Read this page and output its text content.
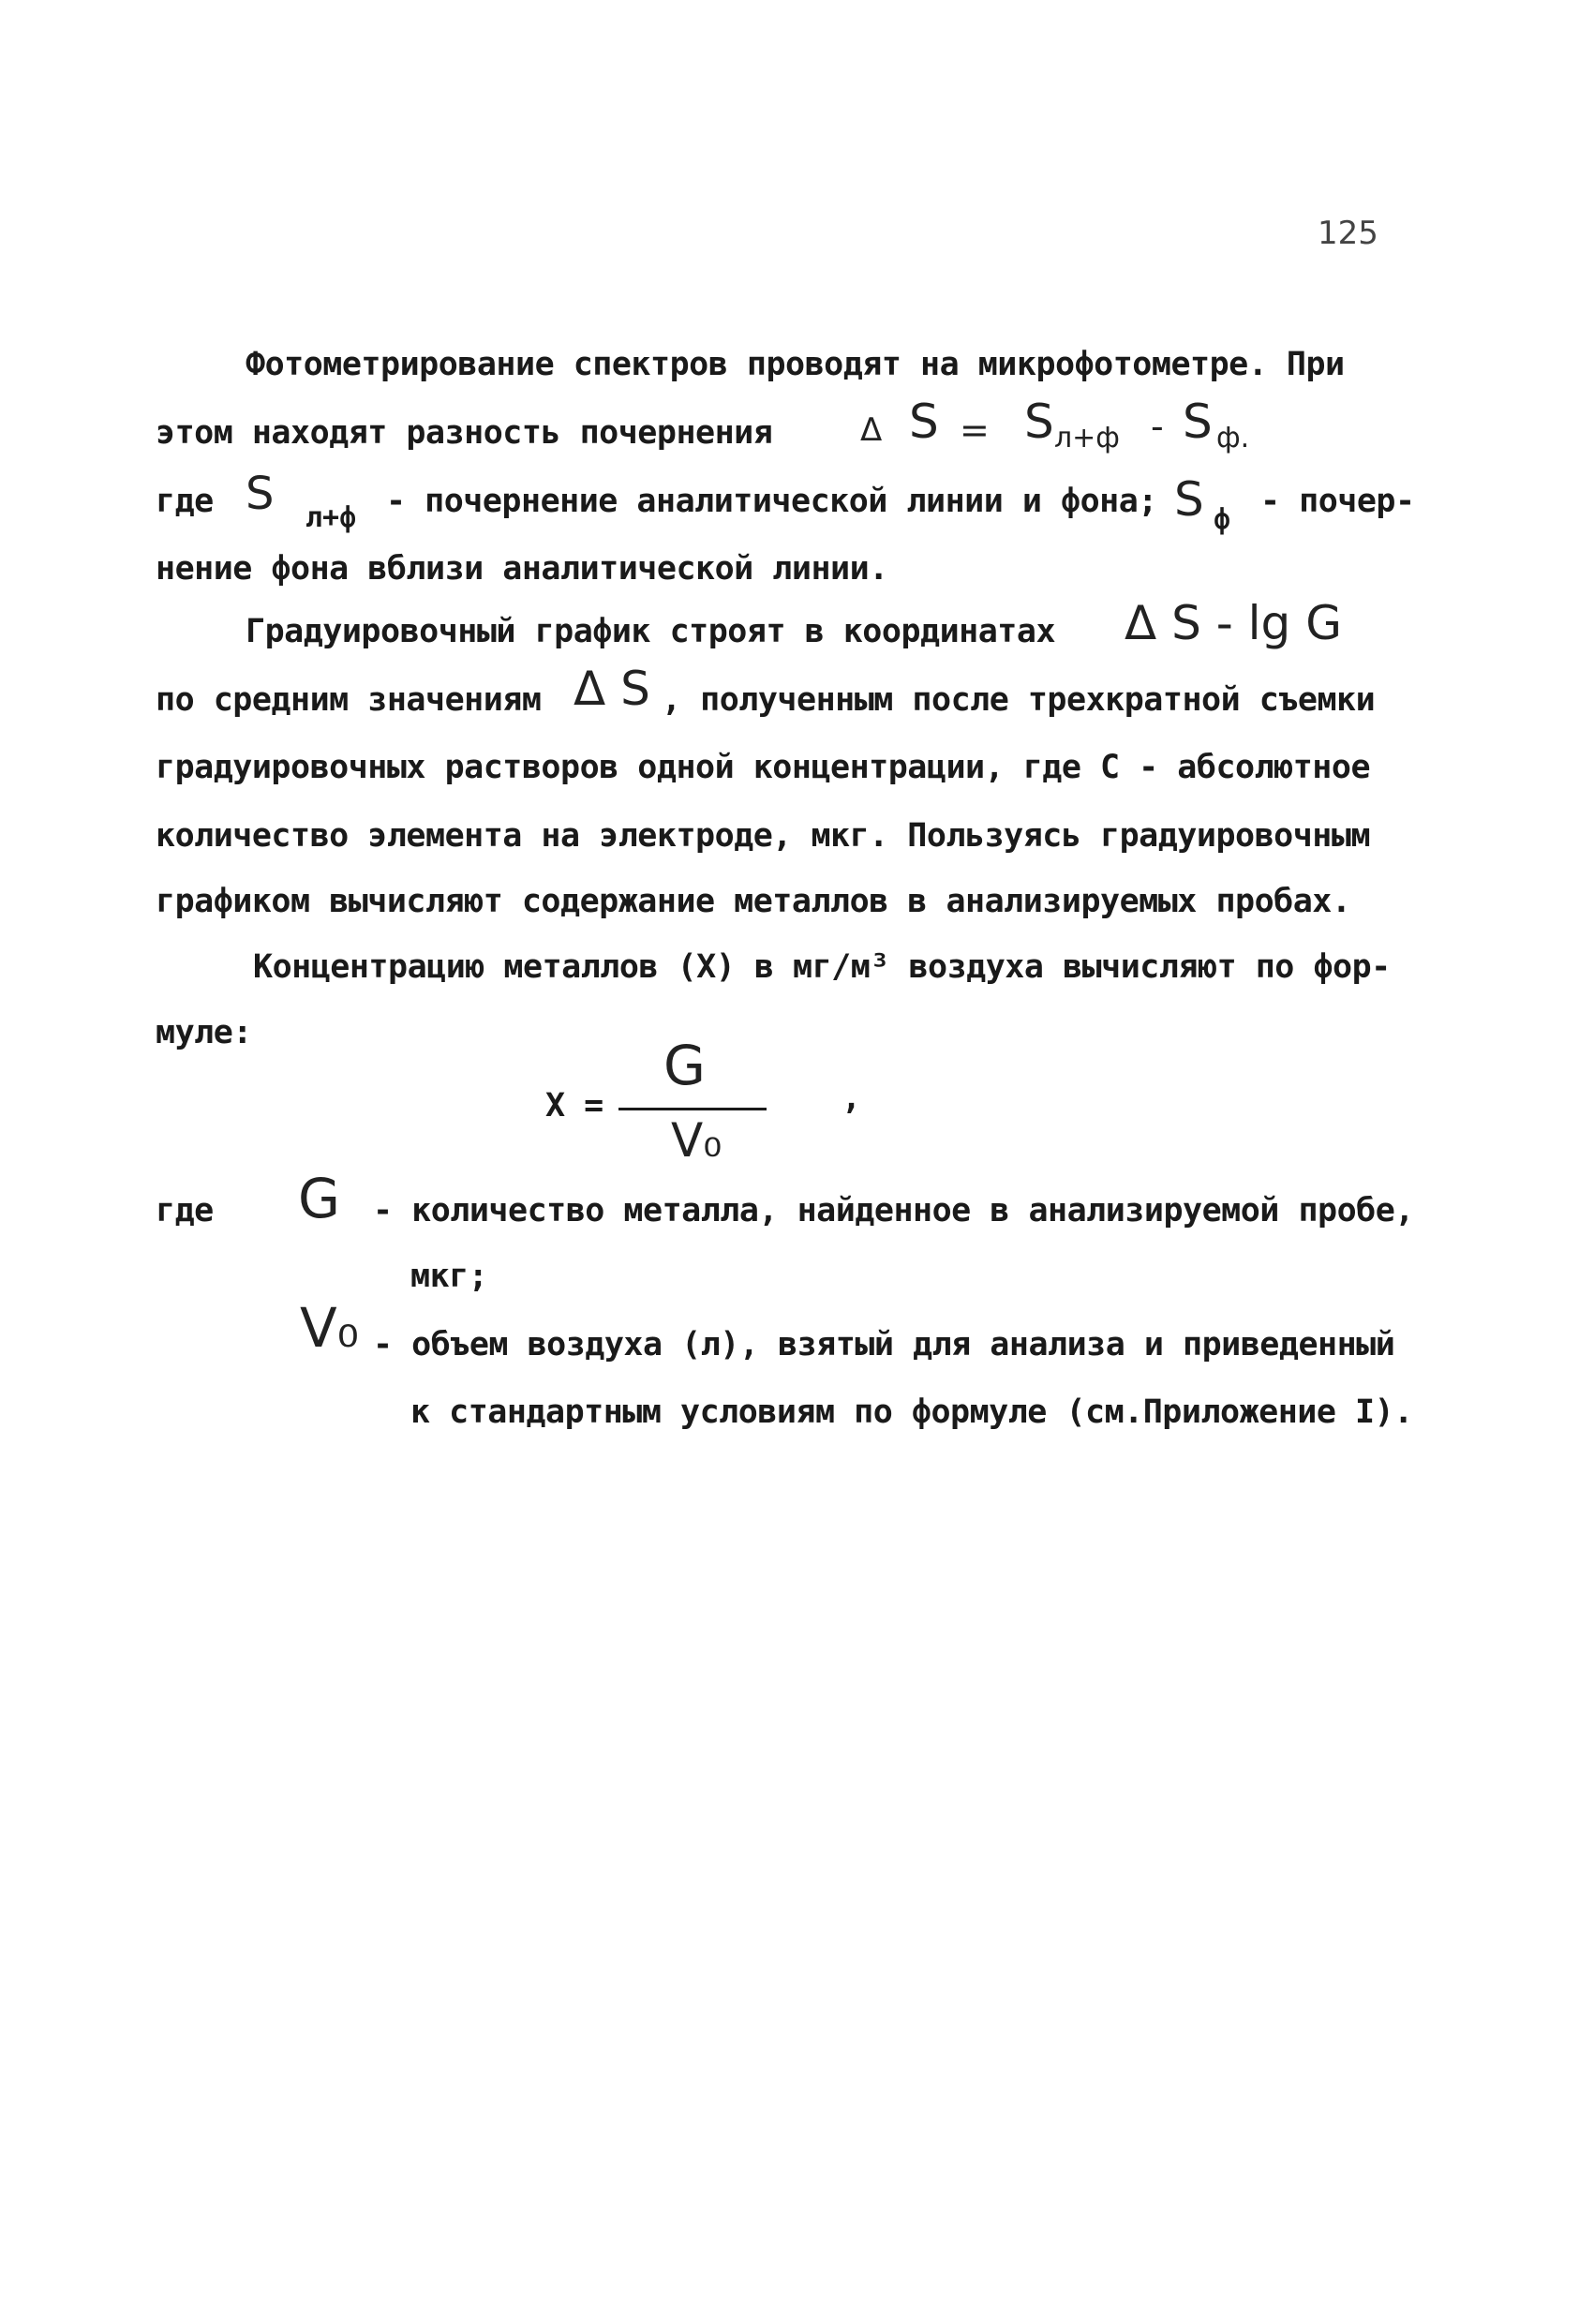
125
Фотометрирование спектров проводят на микрофотометре. При
этом находят разность почернения	Δ S = S л+ф - S ф.
где S л+ф - почернение аналитической линии и фона; S ф - почер-
нение фона вблизи аналитической линии.
Градуировочный график строят в координатах Δ S - lg G
по средним значениям Δ S , полученным после трехкратной съемки
градуировочных растворов одной концентрации, где С - абсолютное
количество элемента на электроде, мкг. Пользуясь градуировочным
графиком вычисляют содержание металлов в анализируемых пробах.
Концентрацию металлов (X) в мг/м³ воздуха вычисляют по фор-
муле:
X =
G
V₀
,
где G - количество металла, найденное в анализируемой пробе,
мкг;
V₀ - объем воздуха (л), взятый для анализа и приведенный
к стандартным условиям по формуле (см.Приложение I).
